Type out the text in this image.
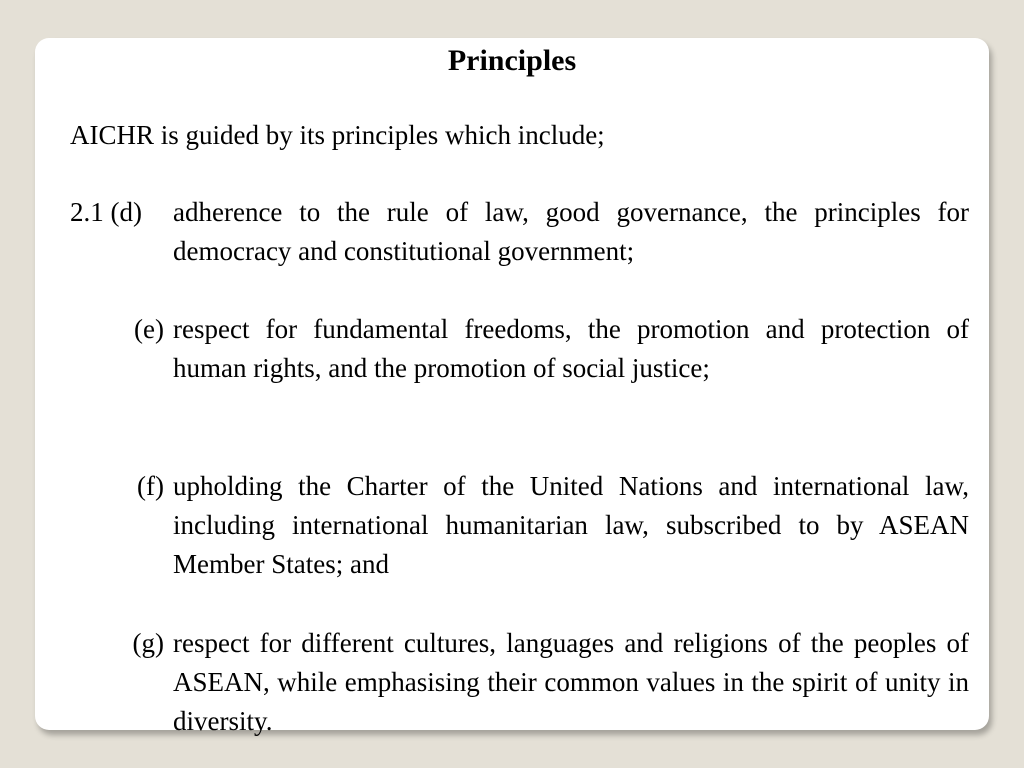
Principles
AICHR is guided by its principles which include;
2.1 (d) adherence to the rule of law, good governance, the principles for democracy and constitutional government;
(e) respect for fundamental freedoms, the promotion and protection of human rights, and the promotion of social justice;
(f) upholding the Charter of the United Nations and international law, including international humanitarian law, subscribed to by ASEAN Member States; and
(g) respect for different cultures, languages and religions of the peoples of ASEAN, while emphasising their common values in the spirit of unity in diversity.
